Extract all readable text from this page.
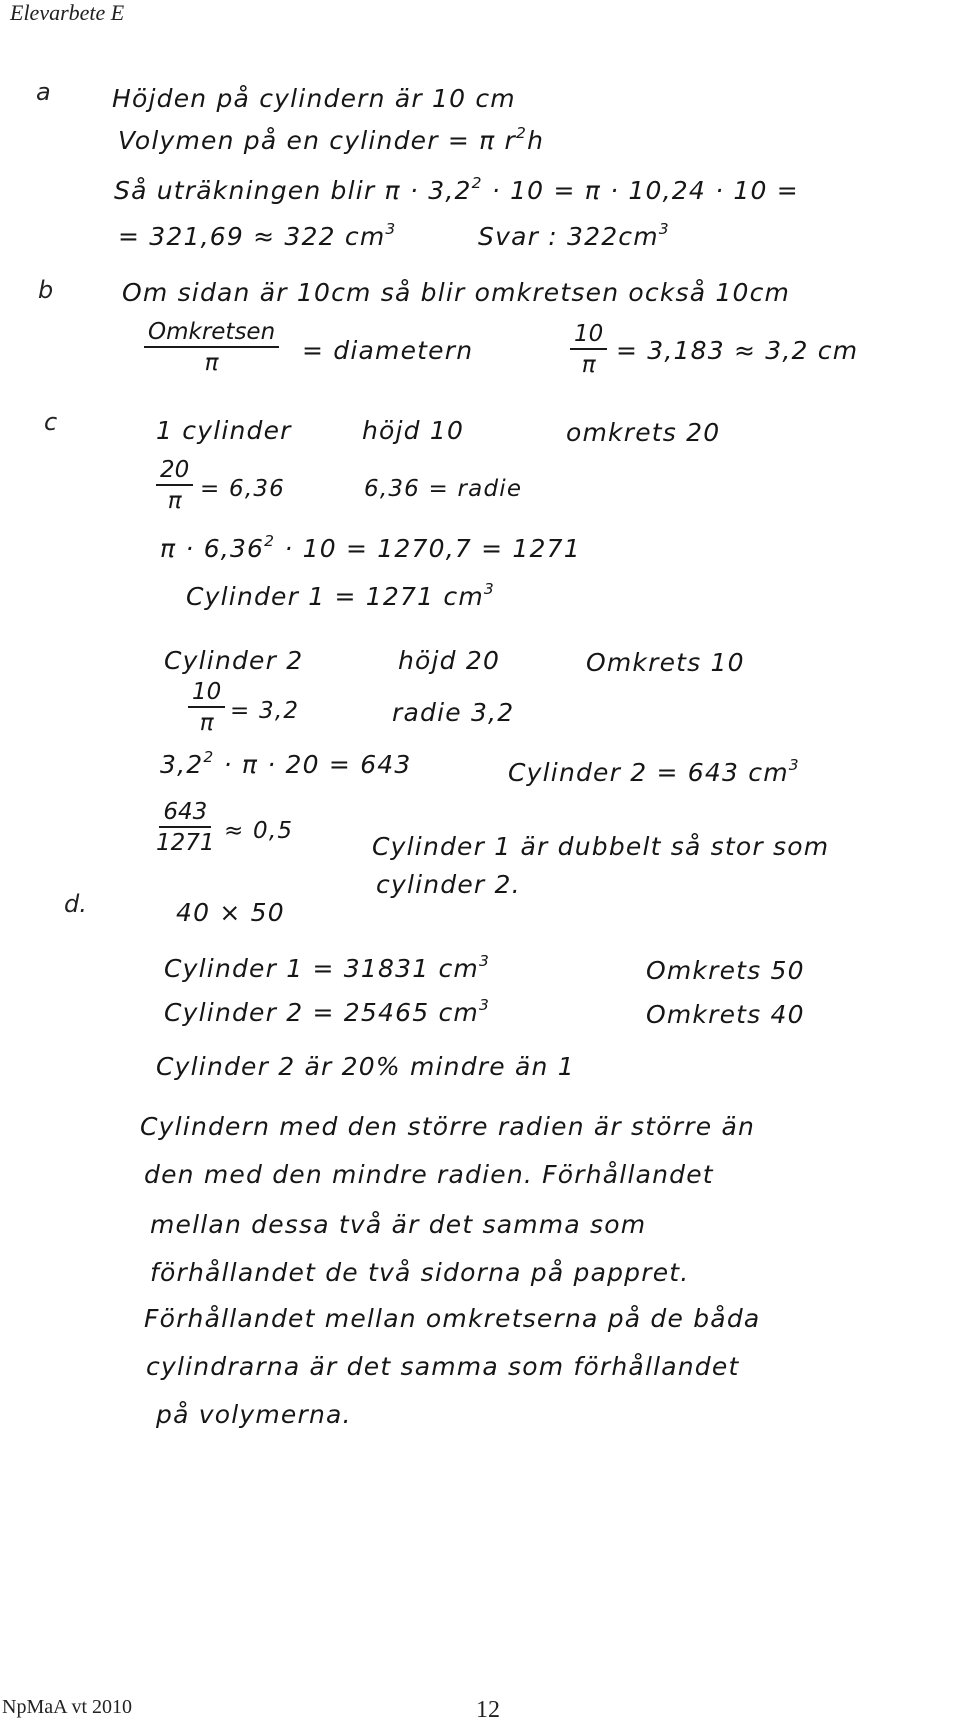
Elevarbete E
a Höjden på cylindern är 10 cm
Volymen på en cylinder = π $r^2h$
Så uträkningen blir $\pi \cdot 3,2^2 \cdot 10 = \pi \cdot 10,24 \cdot 10$ =
= 321,69 ≈ 322 $cm^3$	Svar : $322cm^3$
b	Om sidan är 10cm så blir omkretsen också 10cm
Omkretsen
π	= diametern	$\frac{10}{\pi} = 3,183 \approx 3,2$ cm
c	1 cylinder	höjd 10	omkrets 20
$\frac{20}{\pi} = 6,36$	6,36 = radie
$\pi \cdot 6,36^2 \cdot 10 = 1270,7 = 1271$
Cylinder 1 = 1271 $cm^3$
Cylinder 2	höjd 20	Omkrets 10
$\frac{10}{\pi} = 3,2$	radie 3,2
$3,2^2 \cdot \pi \cdot 20 = 643$	Cylinder 2 = 643 $cm^3$
$\frac{643}{1271} \approx 0,5$
Cylinder 1 är dubbelt så stor som
cylinder 2.
d.	40 × 50
Cylinder 1 = 31831 $cm^3$	Omkrets 50
Cylinder 2 = 25465 $cm^3$	Omkrets 40
Cylinder 2 är 20% mindre än 1
Cylindern med den större radien är större än
den med den mindre radien. Förhållandet
mellan dessa två är det samma som
förhållandet de två sidorna på pappret.
Förhållandet mellan omkretserna på de båda
cylindrarna är det samma som förhållandet
på volymerna.
NpMaA vt 2010	12
